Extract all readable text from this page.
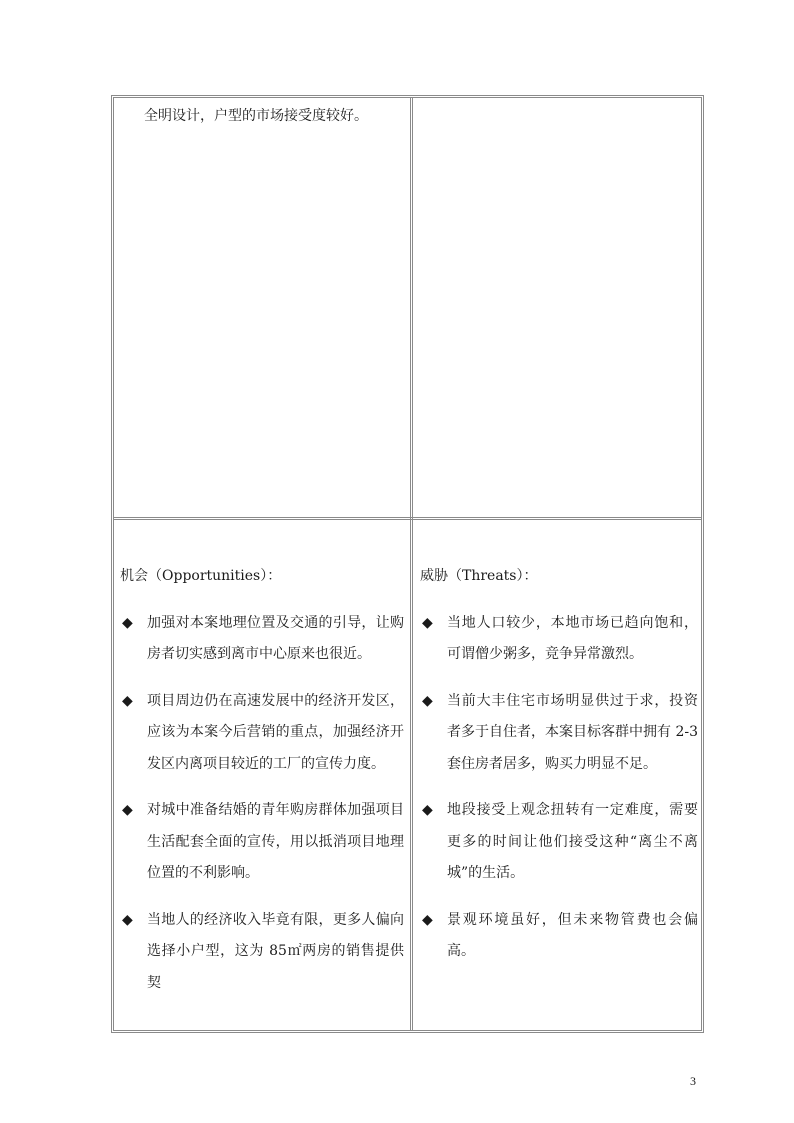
全明设计，户型的市场接受度较好。
机会（Opportunities）：
◆ 加强对本案地理位置及交通的引导，让购房者切实感到离市中心原来也很近。
◆ 项目周边仍在高速发展中的经济开发区，应该为本案今后营销的重点，加强经济开发区内离项目较近的工厂的宣传力度。
◆ 对城中准备结婚的青年购房群体加强项目生活配套全面的宣传，用以抵消项目地理位置的不利影响。
◆ 当地人的经济收入毕竟有限，更多人偏向选择小户型，这为 85㎡两房的销售提供契
威胁（Threats）：
◆ 当地人口较少，本地市场已趋向饱和，可谓僧少粥多，竞争异常激烈。
◆ 当前大丰住宅市场明显供过于求，投资者多于自住者，本案目标客群中拥有 2-3 套住房者居多，购买力明显不足。
◆ 地段接受上观念扭转有一定难度，需要更多的时间让他们接受这种“离尘不离城”的生活。
◆ 景观环境虽好，但未来物管费也会偏高。
3
